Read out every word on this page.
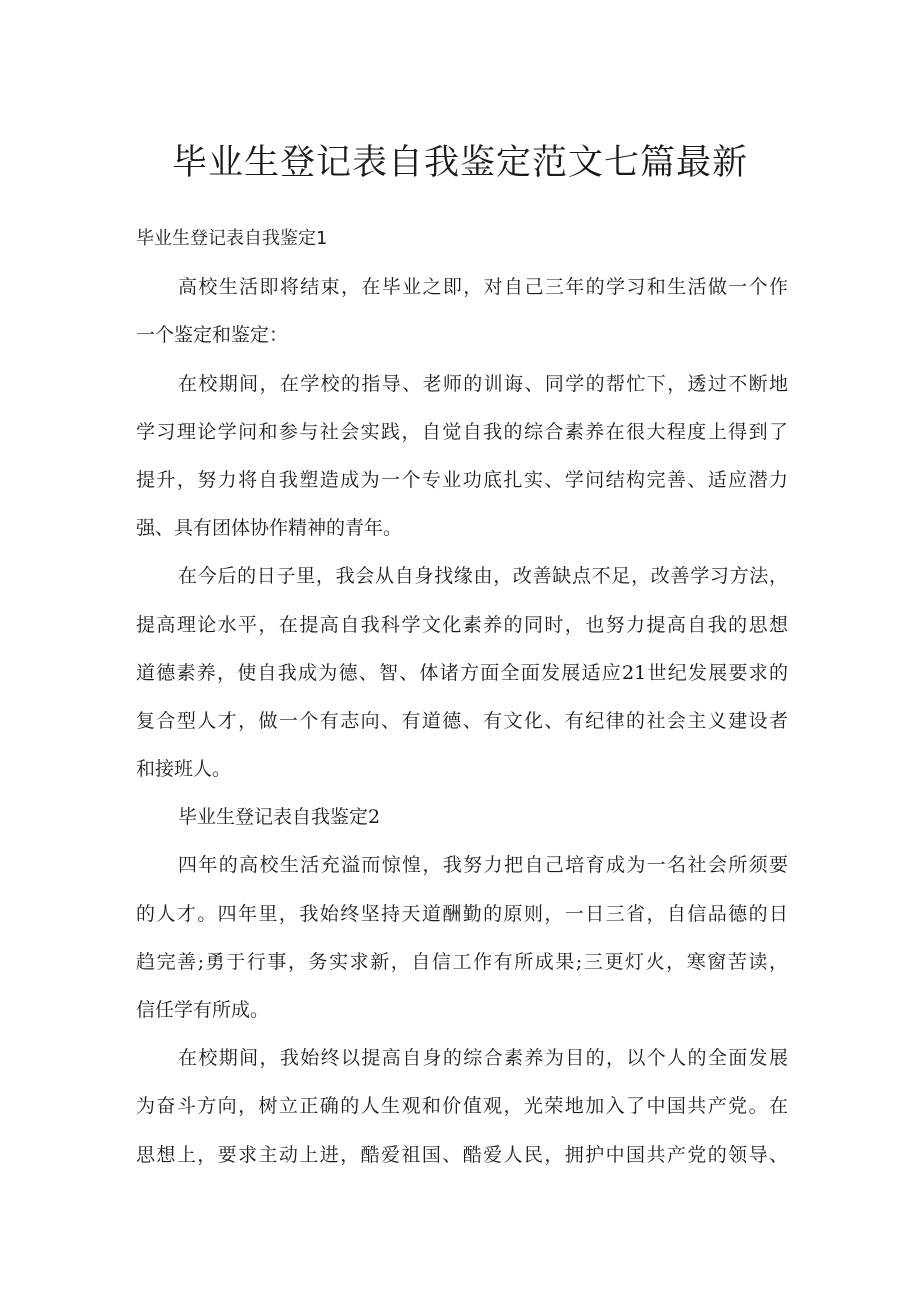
毕业生登记表自我鉴定范文七篇最新
毕业生登记表自我鉴定1
高校生活即将结束，在毕业之即，对自己三年的学习和生活做一个作
一个鉴定和鉴定：
在校期间，在学校的指导、老师的训诲、同学的帮忙下，透过不断地
学习理论学问和参与社会实践，自觉自我的综合素养在很大程度上得到了
提升，努力将自我塑造成为一个专业功底扎实、学问结构完善、适应潜力
强、具有团体协作精神的青年。
在今后的日子里，我会从自身找缘由，改善缺点不足，改善学习方法，
提高理论水平，在提高自我科学文化素养的同时，也努力提高自我的思想
道德素养，使自我成为德、智、体诸方面全面发展适应21世纪发展要求的
复合型人才，做一个有志向、有道德、有文化、有纪律的社会主义建设者
和接班人。
毕业生登记表自我鉴定2
四年的高校生活充溢而惊惶，我努力把自己培育成为一名社会所须要
的人才。四年里，我始终坚持天道酬勤的原则，一日三省，自信品德的日
趋完善;勇于行事，务实求新，自信工作有所成果;三更灯火，寒窗苦读，
信任学有所成。
在校期间，我始终以提高自身的综合素养为目的，以个人的全面发展
为奋斗方向，树立正确的人生观和价值观，光荣地加入了中国共产党。在
思想上，要求主动上进，酷爱祖国、酷爱人民，拥护中国共产党的领导、
